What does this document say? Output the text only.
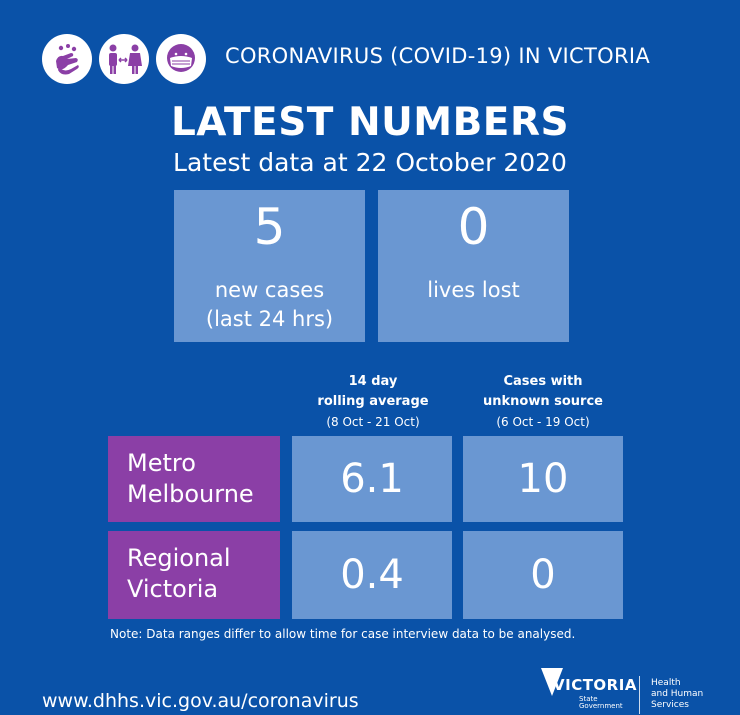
CORONAVIRUS (COVID-19) IN VICTORIA
LATEST NUMBERS
Latest data at 22 October 2020
5
new cases
(last 24 hrs)
0
lives lost
14 day
rolling average
(8 Oct - 21 Oct)
Cases with
unknown source
(6 Oct - 19 Oct)
Metro
Melbourne	6.1	10
Regional
Victoria	0.4	0
Note: Data ranges differ to allow time for case interview data to be analysed.
www.dhhs.vic.gov.au/coronavirus
VICTORIA
State
Government
Health
and Human
Services
